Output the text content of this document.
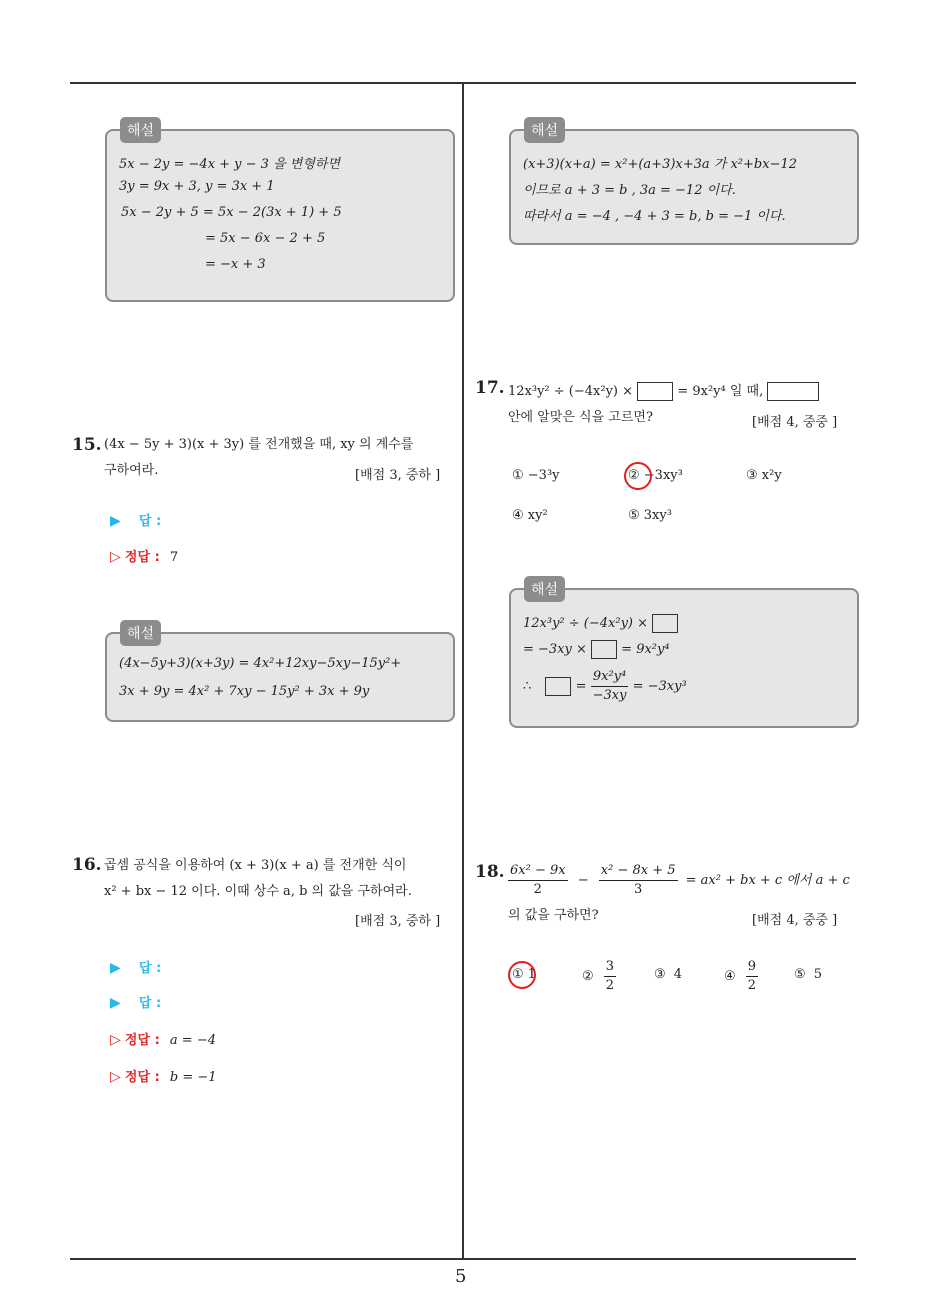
5
5x − 2y = −4x + y − 3 을 변형하면
3y = 9x + 3, y = 3x + 1
5x − 2y + 5 = 5x − 2(3x + 1) + 5
= 5x − 6x − 2 + 5
= −x + 3
해설
15. (4x − 5y + 3)(x + 3y) 를 전개했을 때, xy 의 계수를
구하여라.	[배점 3, 중하 ]
▶ 답 :
▷ 정답 : 7
(4x−5y+3)(x+3y) = 4x²+12xy−5xy−15y²+
3x + 9y = 4x² + 7xy − 15y² + 3x + 9y
해설
16. 곱셈 공식을 이용하여 (x + 3)(x + a) 를 전개한 식이
x² + bx − 12 이다. 이때 상수 a, b 의 값을 구하여라.
[배점 3, 중하 ]
▶ 답 :
▶ 답 :
▷ 정답 : a = −4
▷ 정답 : b = −1
(x+3)(x+a) = x²+(a+3)x+3a 가 x²+bx−12
이므로 a + 3 = b , 3a = −12 이다.
따라서 a = −4 , −4 + 3 = b, b = −1 이다.
해설
17. 12x³y² ÷ (−4x²y) ×	= 9x²y⁴ 일 때,
안에 알맞은 식을 고르면?	[배점 4, 중중 ]
① −3³y	② −3xy³	③ x²y
④ xy²	⑤ 3xy³
12x³y² ÷ (−4x²y) ×
= −3xy ×	= 9x²y⁴
∴	= $\frac{\text{9x²y⁴}}{-3xy} = -3xy^3$
해설
18. $\frac{\text{6x² − 9x}}{2} - \frac{\text{x² − 8x + 5}}{3} = ax^2$ + bx + c 에서 a + c
의 값을 구하면?	[배점 4, 중중 ]
① 1	② $\frac{3}{2}$	③ 4	④ $\frac{9}{2}$	⑤ 5
